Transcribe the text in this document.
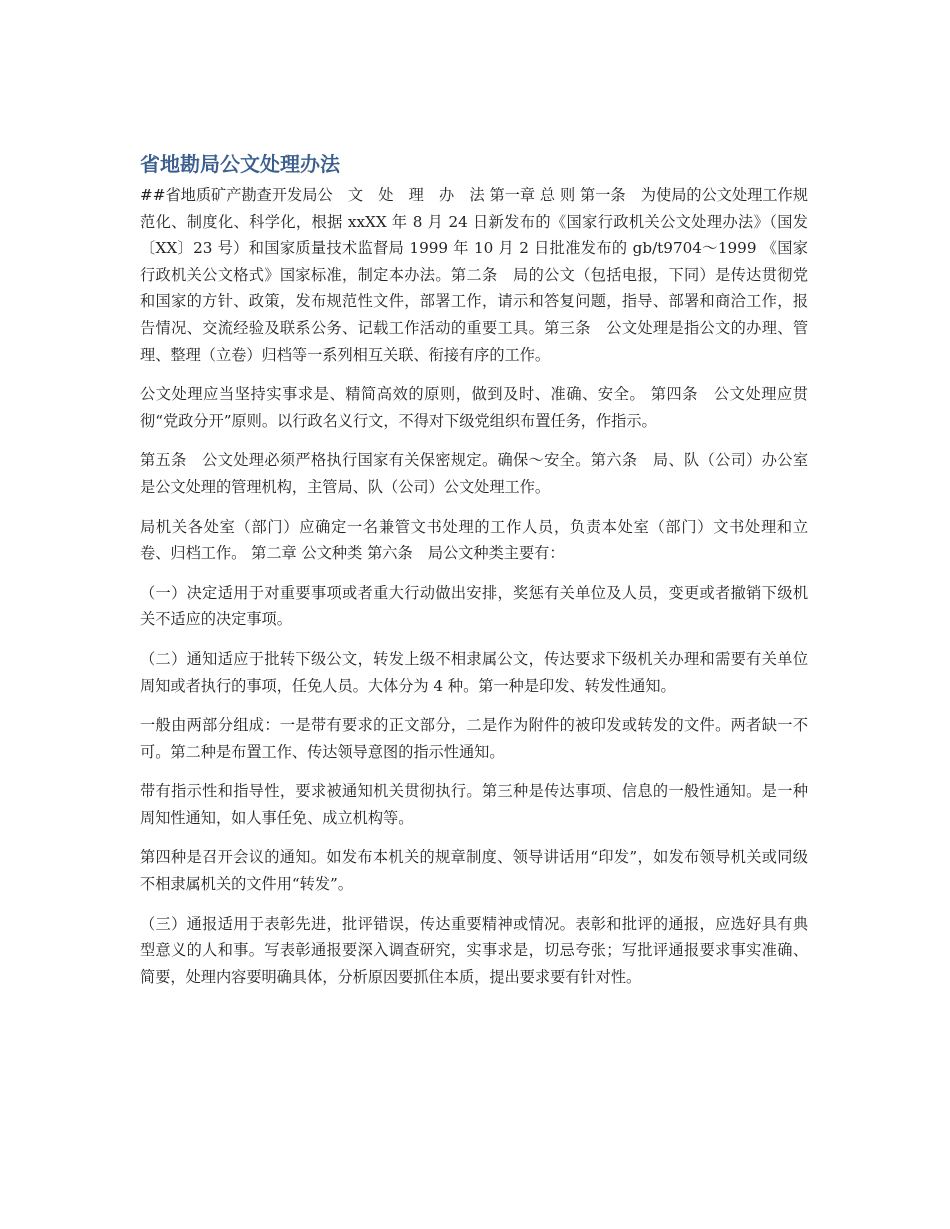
省地勘局公文处理办法

##省地质矿产勘查开发局公　文　处　理　办　法 第一章 总 则 第一条　为使局的公文处理工作规范化、制度化、科学化，根据 xxXX 年 8 月 24 日新发布的《国家行政机关公文处理办法》（国发〔XX〕23 号）和国家质量技术监督局 1999 年 10 月 2 日批准发布的 gb/t9704～1999 《国家行政机关公文格式》国家标准，制定本办法。第二条　局的公文（包括电报，下同）是传达贯彻党和国家的方针、政策，发布规范性文件，部署工作，请示和答复问题，指导、部署和商洽工作，报告情况、交流经验及联系公务、记载工作活动的重要工具。第三条　公文处理是指公文的办理、管理、整理（立卷）归档等一系列相互关联、衔接有序的工作。

公文处理应当坚持实事求是、精简高效的原则，做到及时、准确、安全。 第四条　公文处理应贯彻“党政分开”原则。以行政名义行文，不得对下级党组织布置任务，作指示。

第五条　公文处理必须严格执行国家有关保密规定。确保～安全。第六条　局、队（公司）办公室是公文处理的管理机构，主管局、队（公司）公文处理工作。

局机关各处室（部门）应确定一名兼管文书处理的工作人员，负责本处室（部门）文书处理和立卷、归档工作。 第二章 公文种类 第六条　局公文种类主要有：

（一）决定适用于对重要事项或者重大行动做出安排，奖惩有关单位及人员，变更或者撤销下级机关不适应的决定事项。

（二）通知适应于批转下级公文，转发上级不相隶属公文，传达要求下级机关办理和需要有关单位周知或者执行的事项，任免人员。大体分为 4 种。第一种是印发、转发性通知。

一般由两部分组成：一是带有要求的正文部分，二是作为附件的被印发或转发的文件。两者缺一不可。第二种是布置工作、传达领导意图的指示性通知。

带有指示性和指导性，要求被通知机关贯彻执行。第三种是传达事项、信息的一般性通知。是一种周知性通知，如人事任免、成立机构等。

第四种是召开会议的通知。如发布本机关的规章制度、领导讲话用“印发”，如发布领导机关或同级不相隶属机关的文件用“转发”。

（三）通报适用于表彰先进，批评错误，传达重要精神或情况。表彰和批评的通报，应选好具有典型意义的人和事。写表彰通报要深入调查研究，实事求是，切忌夸张；写批评通报要求事实准确、简要，处理内容要明确具体，分析原因要抓住本质，提出要求要有针对性。
